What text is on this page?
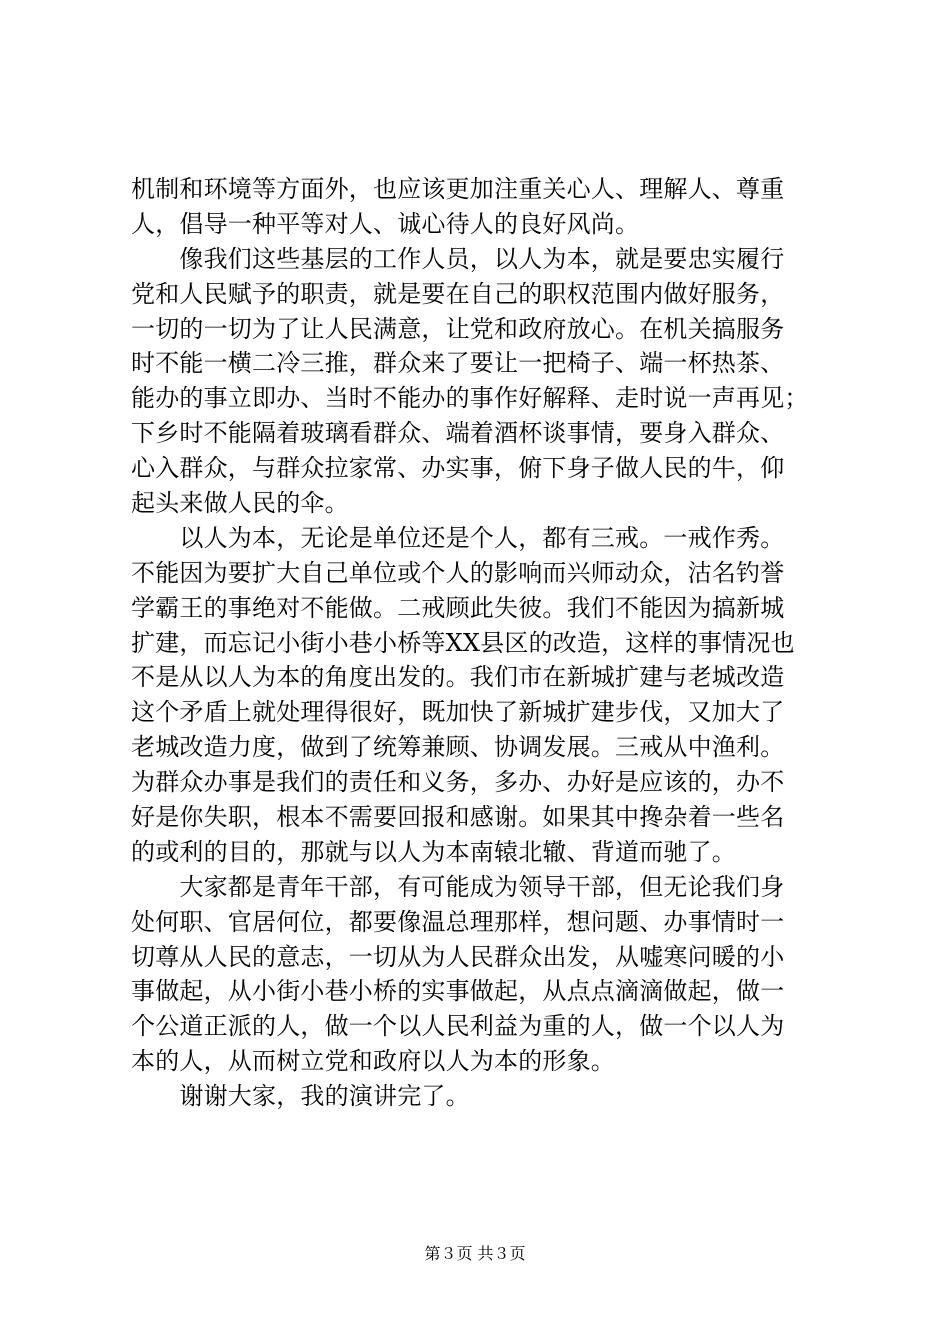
机制和环境等方面外，也应该更加注重关心人、理解人、尊重
人，倡导一种平等对人、诚心待人的良好风尚。
　　像我们这些基层的工作人员，以人为本，就是要忠实履行
党和人民赋予的职责，就是要在自己的职权范围内做好服务，
一切的一切为了让人民满意，让党和政府放心。在机关搞服务
时不能一横二冷三推，群众来了要让一把椅子、端一杯热茶、
能办的事立即办、当时不能办的事作好解释、走时说一声再见；
下乡时不能隔着玻璃看群众、端着酒杯谈事情，要身入群众、
心入群众，与群众拉家常、办实事，俯下身子做人民的牛，仰
起头来做人民的伞。
　　以人为本，无论是单位还是个人，都有三戒。一戒作秀。
不能因为要扩大自己单位或个人的影响而兴师动众，沽名钓誉
学霸王的事绝对不能做。二戒顾此失彼。我们不能因为搞新城
扩建，而忘记小街小巷小桥等XX县区的改造，这样的事情况也
不是从以人为本的角度出发的。我们市在新城扩建与老城改造
这个矛盾上就处理得很好，既加快了新城扩建步伐，又加大了
老城改造力度，做到了统筹兼顾、协调发展。三戒从中渔利。
为群众办事是我们的责任和义务，多办、办好是应该的，办不
好是你失职，根本不需要回报和感谢。如果其中搀杂着一些名
的或利的目的，那就与以人为本南辕北辙、背道而驰了。
　　大家都是青年干部，有可能成为领导干部，但无论我们身
处何职、官居何位，都要像温总理那样，想问题、办事情时一
切尊从人民的意志，一切从为人民群众出发，从嘘寒问暖的小
事做起，从小街小巷小桥的实事做起，从点点滴滴做起，做一
个公道正派的人，做一个以人民利益为重的人，做一个以人为
本的人，从而树立党和政府以人为本的形象。
　　谢谢大家，我的演讲完了。
第３页 共３页
